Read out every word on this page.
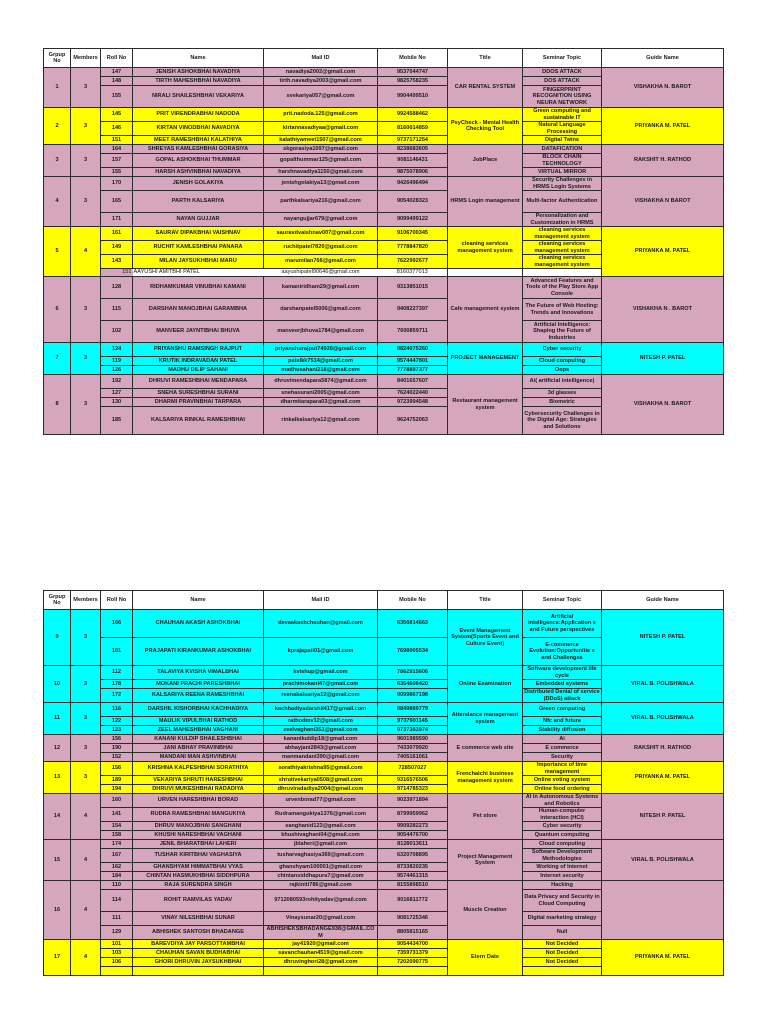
Grpup No	Members	Roll No	Name	Mail ID	Mobile No	Title	Seminar Topic	Guide Name
1	3	147	JENISH ASHOKBHAI NAVADIYA	navadiya2002@gmail.com	9537044747	CAR RENTAL SYSTEM	DDOS ATTACK	VISHAKHA N. BAROT
		148	TIRTH MAHESHBHAI NAVADIYA	tirth.navadiya2003@gmail.com	9825758235		DOS ATTACK	
		155	NIRALI SHAILESHBHAI VEKARIYA	svekariya057@gmail.com	9904499510		FINGERPRINT RECOGNITION USING NEURA NETWORK	
2	3	145	PRIT VIRENDRABHAI NADODA	prit.nadoda.125@gmail.com	9924588462	PsyCheck - Mental Health Checking Tool	Green computing and sustainable IT	PRIYANKA M. PATEL
		146	KIRTAN VINODBHAI NAVADIYA	kirtannavadiyaa@gmail.com	8160014859		Natural Language Processing	
		151	MEET RAMESHBHAI KALATHIYA	kalathiyameet1507@gmail.com	9737171254		Digital Twins	
3	3	164	SHREYAS KAMLESHBHAI GORASIYA	skgorasiya1097@gmail.com	8238683605	JobPlace	DATAFICATION	RAKSHIT H. RATHOD
		157	GOPAL ASHOKBHAI THUMMAR	gopalthummar125@gmail.com	9081146431		BLOCK CHAIN TECHNOLOGY	
		155	HARSH ASHVINBHAI NAVADIYA	harshnavadiya1150@gmail.com	9875078906		VIRTUAL MIRROR	
4	3	170	JENISH GOLAKIYA	jenishgolakiya13@gmail.com	9426496494	HRMS Login management	Security Challenges in HRMS Login Systems	VISHAKHA N BAROT
		165	PARTH KALSARIYA	parthkalsariya216@gmail.com	9054028323		Multi-factor Authentication	
		171	NAYAN GUJJAR	nayangujjar679@gmail.com	9099499122		Personalization and Customization in HRMS	
5	4	161	SAURAV DIPAKBHAI VAISHNAV	sauravdvaishnav007@gmail.com	9106700345	cleaning services management system	cleaning services management system	PRIYANKA M. PATEL
		149	RUCHIT KAMLESHBHAI PANARA	ruchitpatel7820@gmail.com	7778847820		cleaning services management system	
		143	MILAN JAYSUKHBHAI MARU	marumilan766@gmail.com	7622992677		cleaning services management system	
		151	AAYUSHI AMITBHI PATEL	aayushipatel90646@gmail.com	8160377013			
6	3	128	RIDHAMKUMAR VINUBHAI KAMANI	kamaniridham29@gmail.com	9313851015	Cafe management system	Advanced Features and Tools of the Play Store App Console	VISHAKHA N . BAROT
		115	DARSHAN MANOJBHAI GARAMBHA	darshanpatel5006@gmail.com	9408227397		The Future of Web Hosting: Trends and Innovations	
		102	MANVEER JAYNTIBHAI BHUVA	manveerjbhuva1784@gmail.com	7600859711		Artificial Intelligence: Shaping the Future of Industries	
7	3	124	PRIYANSHU RAMSINGH RAJPUT	priyanshurajput74920@gmail.com	9824075260	PROJECT MANAGEMENT	Cyber security	NITESH P. PATEL
		119	KRUTIK INDRAVADAN PATEL	patelkk7514@gmail.com	9574447801		Cloud computing	
		126	MADHU DILIP SAHANI	madhusahani218@gmail.com	7778897377		Oops	
8	3	192	DHRUVI RAMESHBHAI MENDAPARA	dhruvimendapara5874@gmail.com	8401657607	Restaurant management system	Ai( artificial intelligence)	VISHAKHA N. BAROT
		127	SNEHA SURESHBHAI SURANI	snehasurani2005@gmail.com	7624022440		3d glasses	
		130	DHARMI PRAVINBHAI TARPARA	dharmitarapara03@gmail.com	9723994548		Biometric	
		185	KALSARIYA RINKAL RAMESHBHAI	rinkalkalsariya12@gmail.com	9624752063		Cybersecurity Challenges in the Digital Age: Strategies and Solutions	
Grpup No	Members	Roll No	Name	Mail ID	Mobile No	Title	Seminar Topic	Guide Name
9	3	166	CHAUHAN AKASH ASHOKBHAI	devaakashchauhan@gmail.com	6356814663	Event Management System(Sports Event and Culture Event)	Artificial intelligence:Application s and Future perspectives	NITESH P. PATEL
		181	PRAJAPATI KIRANKUMAR ASHOKBHAI	kprajapati01@gmail.com	7698005534		E-commerce Evolution:Opportunitie s and Challenges	
10	3	112	TALAVIYA KVISHA VIMALBHAI	kvishup@gmail.com	7862915606	Online Examination	Software development life cycle	VIRAL B. POLISHWALA
		178	MOKANI PRACHI PARESHBHAI	prachimokani47@gmail.com	6354606420		Embedded systems	
		172	KALSARIYA REENA RAMESHBHAI	reenakalsariya12@gmail.com	9099867198		Distributed Denial of service (DDoS) attack	
11	3	116	DARSHIL KISHORBHAI KACHHADIYA	kachhadiyadarshil417@gmail.com	8849889779	Attendance management system	Green computing	VIRAL B. POLISHWALA
		122	MAULIK VIPULBHAI RATHOD	rathodmv12@gmail.com	9737901145		Nfc and future	
		123	ZEEL MAHESHBHAI VAGHANI	zeelvaghani353@gmail.com	9737383974		Stability diffusion	
12	3	156	KANANI KULDIP SHAILESHBHAI	kananikuldip18@gmail.com	9601989590	E commerce web site	Ai	RAKSHIT H. RATHOD
		190	JANI ABHAY PRAVINBHAI	abhayjani2843@gmail.com	7433079920		E commerce	
		152	MANDANI MAN ASHVINBHAI	manmandani390@gmail.com	7405161061		Security	
13	3	156	KRISHNA KALPESHBHAI SORATHIYA	sorathiyakrishna95@gmail.com	728507027	Frenchaichi business management system	Importance of time management	PRIYANKA M. PATEL
		189	VEKARIYA SHRUTI HARESHBHAI	shrutivekariya0508@gmail.com	9316576506		Online voting system	
		194	DHRUVI MUKESHBHAI RADADIYA	dhruviradadiya2004@gmail.com	9714785323		Online food ordering	
14	4	160	URVEN HARESHBHAI BORAD	urvenborad77@gmail.com	9023971894	Pet store	AI in Autonomous Systems and Robotics	NITESH P. PATEL
		141	RUDRA RAMESHBHAI MANGUKIYA	Rudramangukiya1376@gmail.com	8799959962		Human-computer interaction (HCI)	
		154	DHRUV MANOJBHAI SANGHANI	sanghanid123@gmail.com	9909282273		Cyber security	
		158	KHUSHI NARESHBHAI VAGHANI	khushivaghani04@gmail.com	9054476700		Quantum computing	
15	4	174	JENIL BHARATBHAI LAHERI	jblaheri@gmail.com	8128013611	Project Management System	Cloud computing	VIRAL B. POLISHWALA
		167	TUSHAR KIRITBHAI VAGHASIYA	tusharvaghasiya369@gmail.com	6320708895		Software Development Methodologies	
		162	GHANSHYAM HIMMATBHAI VYAS	ghanshyam100001@gmail.com	8733820235		Working of Internet	
		184	CHINTAN HASMUKHBHAI SIDDHPURA	chintansiddhapura7@gmail.com	9574461315		Internet security	
16	4	110	RAJA SURENDRA SINGH	rajkiniti786@gmail.com	8155898510	Muscle Creation	Hacking	
		114	ROHIT RAMVILAS YADAV	9712080593rohityadav@gmail.com	9016811772		Data Privacy and Security in Cloud Computing	
		111	VINAY NILESHBHAI SUNAR	Vinaysunar20@gmail.com	9081725346		Digital marketing strategy	
		129	ABHISHEK SANTOSH BHADANGE	ABHISHEKSBHADANGE938@GMAIL.COM	8805815165		Null	
17	4	101	BAREVDIYA JAY PARSOTTAMBHAI	jay41920@gmail.com	9054434700	Etern Date	Not Decided	PRIYANKA M. PATEL
		103	CHAUHAN SAVAN BUDHABHAI	savanchauhan4519@gmail.com	7359731379		Not Decided	
		106	GHORI DHRUVIN JAYSUKHBHAI	dhruvinghori28@gmail.com	7202090775		Not Decided	
